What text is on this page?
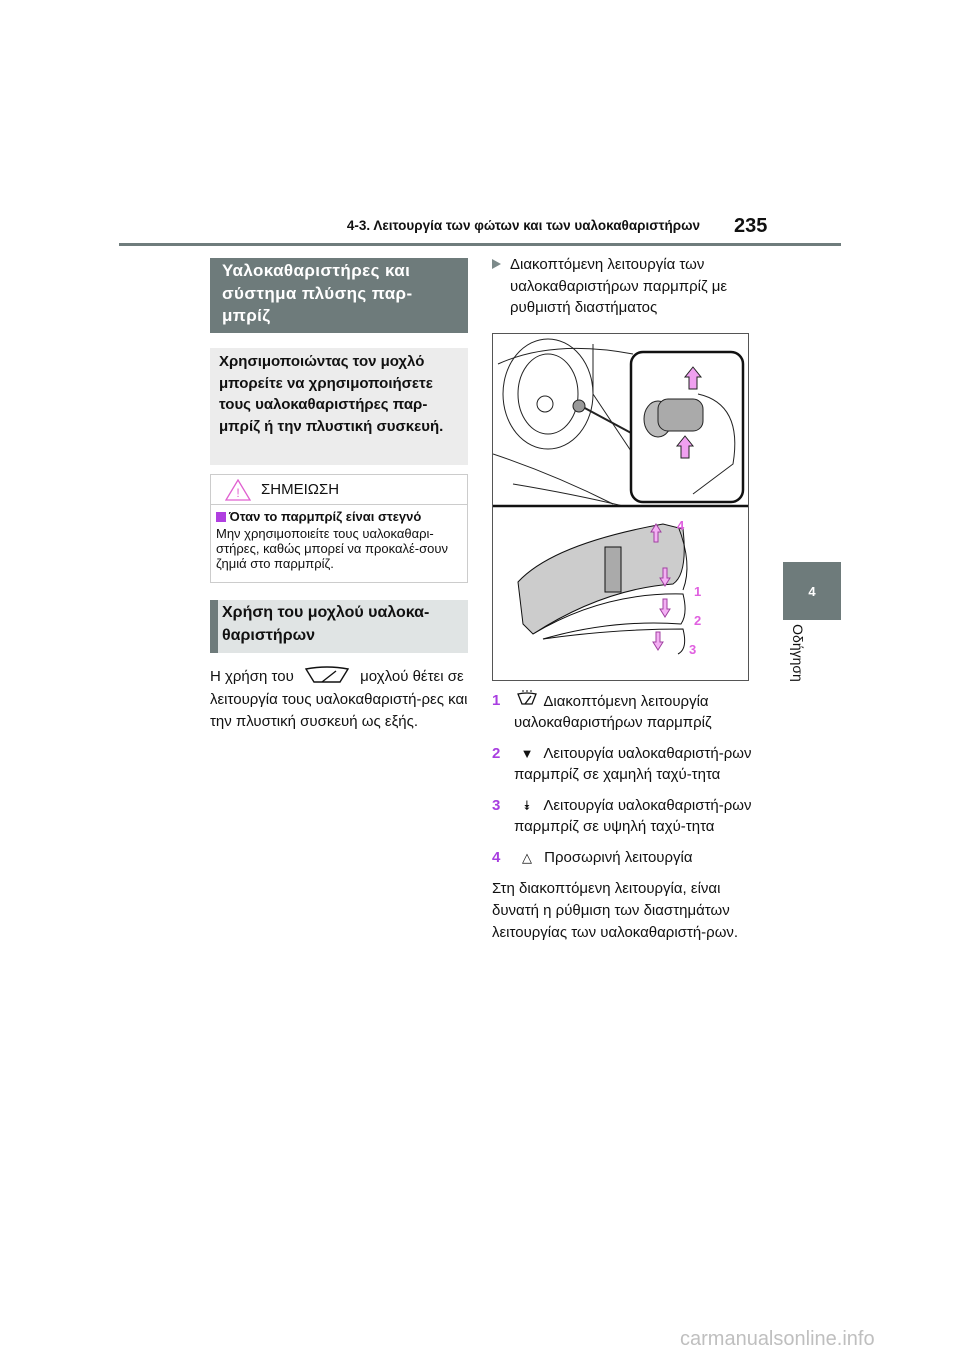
4-3. Λειτουργία των φώτων και των υαλοκαθαριστήρων 235
Υαλοκαθαριστήρες και σύστημα πλύσης παρ-μπρίζ
Χρησιμοποιώντας τον μοχλό μπορείτε να χρησιμοποιήσετε τους υαλοκαθαριστήρες παρ-μπρίζ ή την πλυστική συσκευή.
! ΣΗΜΕΙΩΣΗ
Όταν το παρμπρίζ είναι στεγνό
Μην χρησιμοποιείτε τους υαλοκαθαρι-στήρες, καθώς μπορεί να προκαλέ-σουν ζημιά στο παρμπρίζ.
Χρήση του μοχλού υαλοκα-θαριστήρων
Η χρήση του	μοχλού θέτει σε λειτουργία τους υαλοκαθαριστή-ρες και την πλυστική συσκευή ως εξής.
Διακοπτόμενη λειτουργία των υαλοκαθαριστήρων παρμπρίζ με ρυθμιστή διαστήματος
4
1
2
3
1	Διακοπτόμενη λειτουργία υαλοκαθαριστήρων παρμπρίζ
2 ▼ Λειτουργία υαλοκαθαριστή-ρων παρμπρίζ σε χαμηλή ταχύ-τητα
3 ⯯ Λειτουργία υαλοκαθαριστή-ρων παρμπρίζ σε υψηλή ταχύ-τητα
4 △ Προσωρινή λειτουργία
Στη διακοπτόμενη λειτουργία, είναι δυνατή η ρύθμιση των διαστημάτων λειτουργίας των υαλοκαθαριστή-ρων.
4
Οδήγηση
carmanualsonline.info
